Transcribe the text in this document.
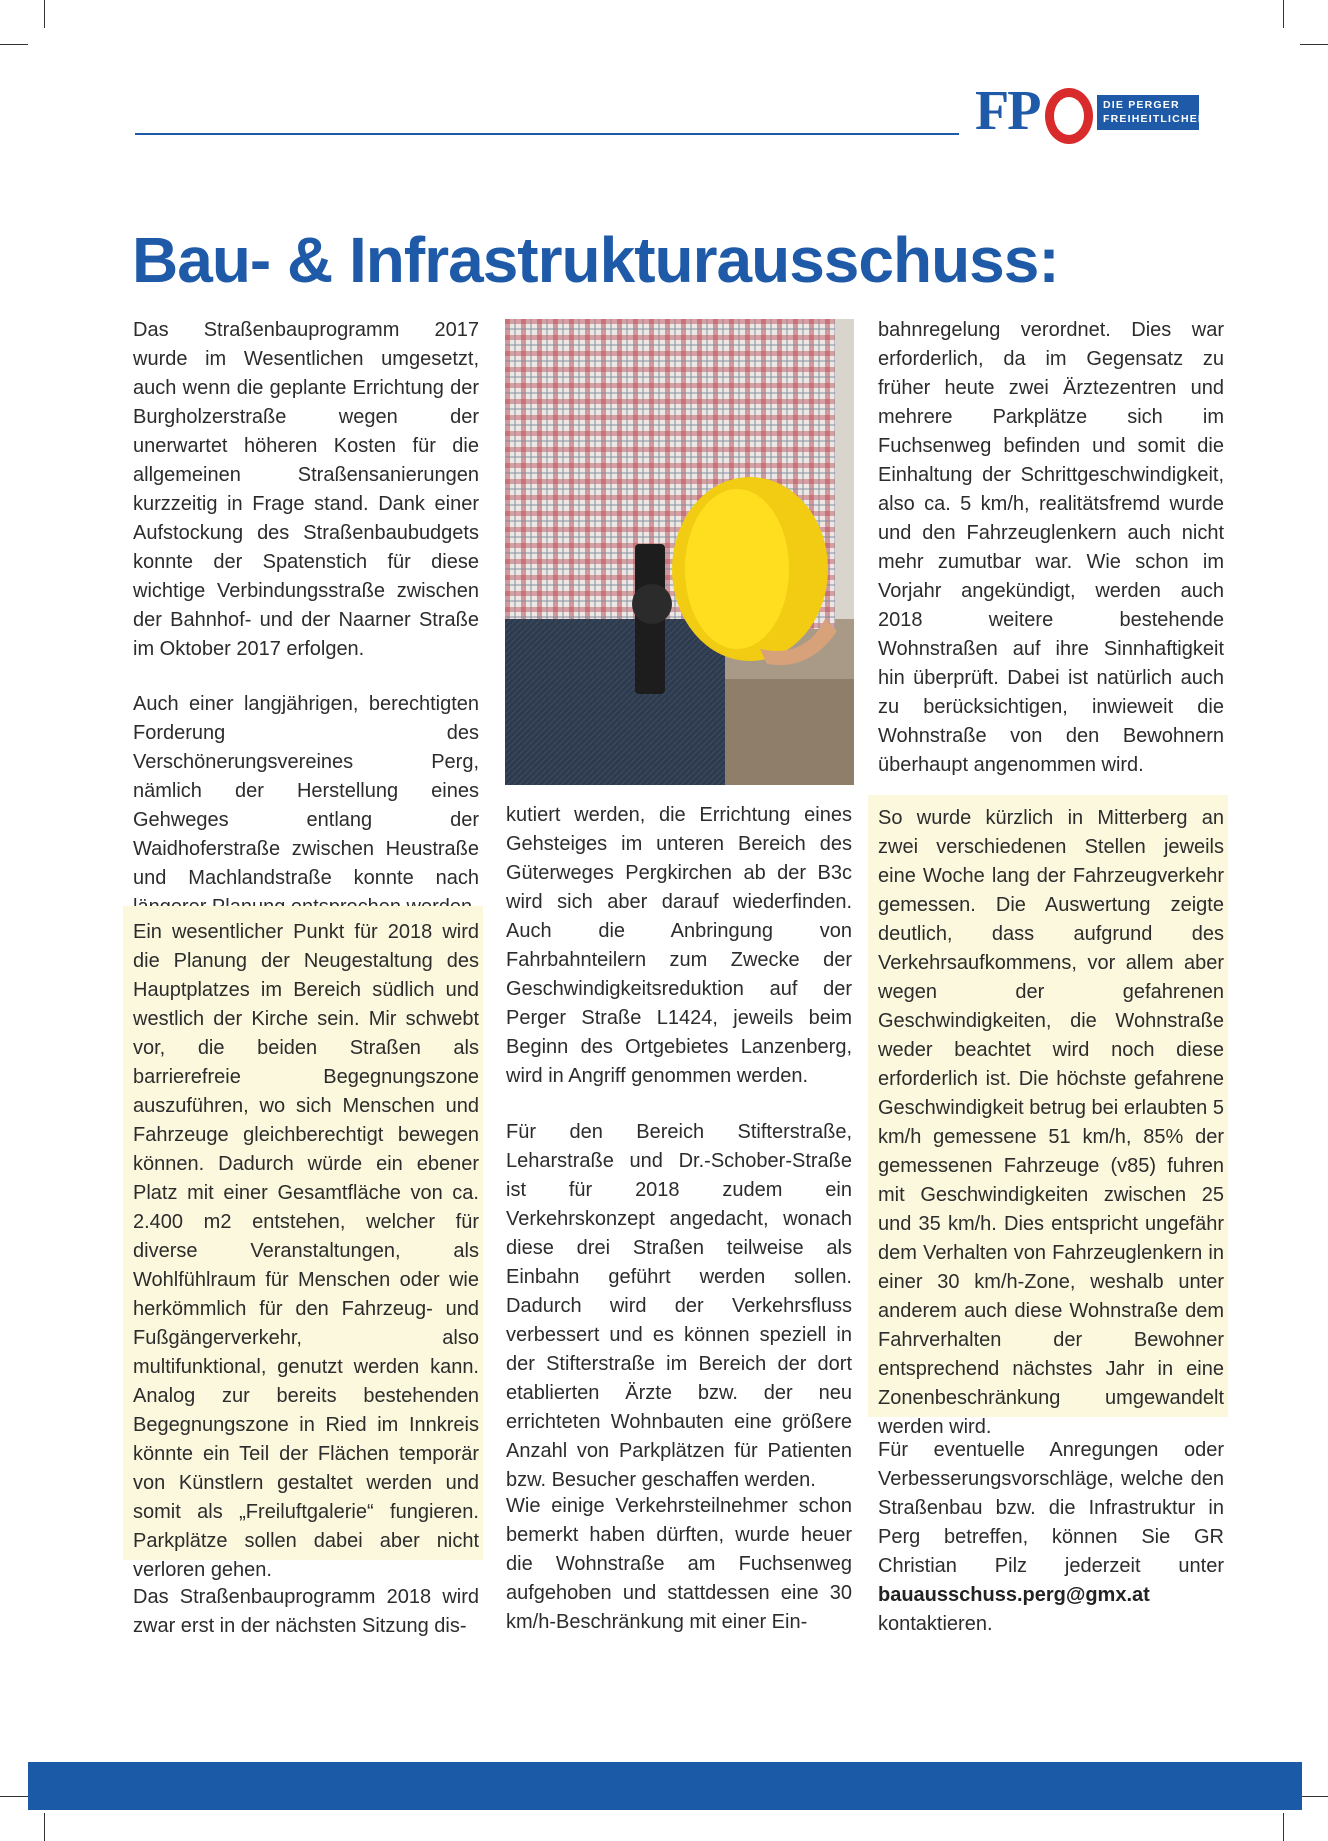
FP	DIE PERGER
FREIHEITLICHEN
Bau- & Infrastrukturausschuss:

Das Straßenbauprogramm 2017 wurde im Wesentlichen umgesetzt, auch wenn die geplante Errichtung der Burgholzerstraße wegen der unerwartet höheren Kosten für die allgemeinen Straßensanierungen kurzzeitig in Frage stand. Dank einer Aufstockung des Straßenbaubudgets konnte der Spatenstich für diese wichtige Verbindungsstraße zwischen der Bahnhof- und der Naarner Straße im Oktober 2017 erfolgen.

Auch einer langjährigen, berechtigten Forderung des Verschönerungsvereines Perg, nämlich der Herstellung eines Gehweges entlang der Waidhoferstraße zwischen Heustraße und Machlandstraße konnte nach

Ein wesentlicher Punkt für 2018 wird die Planung der Neugestaltung des Hauptplatzes im Bereich südlich und westlich der Kirche sein. Mir schwebt vor, die beiden Straßen als barrierefreie Begegnungszone auszuführen, wo sich Menschen und Fahrzeuge gleichberechtigt bewegen können. Dadurch würde ein ebener Platz mit einer Gesamtfläche von ca. 2.400 m2 entstehen, welcher für diverse Veranstaltungen, als Wohlfühlraum für Menschen oder wie herkömmlich für den Fahrzeug- und Fußgängerverkehr, also multifunktional, genutzt werden kann. Analog zur bereits bestehenden Begegnungszone in Ried im Innkreis könnte ein Teil der Flächen temporär von Künstlern gestaltet werden und somit als „Freiluftgalerie“ fungieren. Parkplätze sollen dabei aber nicht verloren gehen.

Das Straßenbauprogramm 2018 wird zwar erst in der nächsten Sitzung dis-

kutiert werden, die Errichtung eines Gehsteiges im unteren Bereich des Güterweges Pergkirchen ab der B3c wird sich aber darauf wiederfinden. Auch die Anbringung von Fahrbahnteilern zum Zwecke der Geschwindigkeitsreduktion auf der Perger Straße L1424, jeweils beim Beginn des Ortgebietes Lanzenberg, wird in Angriff genommen werden.

Für den Bereich Stifterstraße, Leharstraße und Dr.-Schober-Straße ist für 2018 zudem ein Verkehrskonzept angedacht, wonach diese drei Straßen teilweise als Einbahn geführt werden sollen. Dadurch wird der Verkehrsfluss verbessert und es können speziell in der Stifterstraße im Bereich der dort etablierten Ärzte bzw. der neu errichteten Wohnbauten eine größere Anzahl von Parkplätzen für Patienten bzw. Besucher geschaffen werden.

Wie einige Verkehrsteilnehmer schon bemerkt haben dürften, wurde heuer die Wohnstraße am Fuchsenweg aufgehoben und stattdessen eine 30 km/h-Beschränkung mit einer Ein-

bahnregelung verordnet. Dies war erforderlich, da im Gegensatz zu früher heute zwei Ärztezentren und mehrere Parkplätze sich im Fuchsenweg befinden und somit die Einhaltung der Schrittgeschwindigkeit, also ca. 5 km/h, realitätsfremd wurde und den Fahrzeuglenkern auch nicht mehr zumutbar war. Wie schon im Vorjahr angekündigt, werden auch 2018 weitere bestehende Wohnstraßen auf ihre Sinnhaftigkeit hin überprüft. Dabei ist natürlich auch zu berücksichtigen, inwieweit die Wohnstraße von den Bewohnern überhaupt angenommen wird.

So wurde kürzlich in Mitterberg an zwei verschiedenen Stellen jeweils eine Woche lang der Fahrzeugverkehr gemessen. Die Auswertung zeigte deutlich, dass aufgrund des Verkehrsaufkommens, vor allem aber wegen der gefahrenen Geschwindigkeiten, die Wohnstraße weder beachtet wird noch diese erforderlich ist. Die höchste gefahrene Geschwindigkeit betrug bei erlaubten 5 km/h gemessene 51 km/h, 85% der gemessenen Fahrzeuge (v85) fuhren mit Geschwindigkeiten zwischen 25 und 35 km/h. Dies entspricht ungefähr dem Verhalten von Fahrzeuglenkern in einer 30 km/h-Zone, weshalb unter anderem auch diese Wohnstraße dem Fahrverhalten der Bewohner entsprechend nächstes Jahr in eine Zonenbeschränkung umgewandelt werden wird.

Für eventuelle Anregungen oder Verbesserungsvorschläge, welche den Straßenbau bzw. die Infrastruktur in Perg betreffen, können Sie GR Christian Pilz jederzeit unter bauausschuss.perg@gmx.at
kontaktieren.
